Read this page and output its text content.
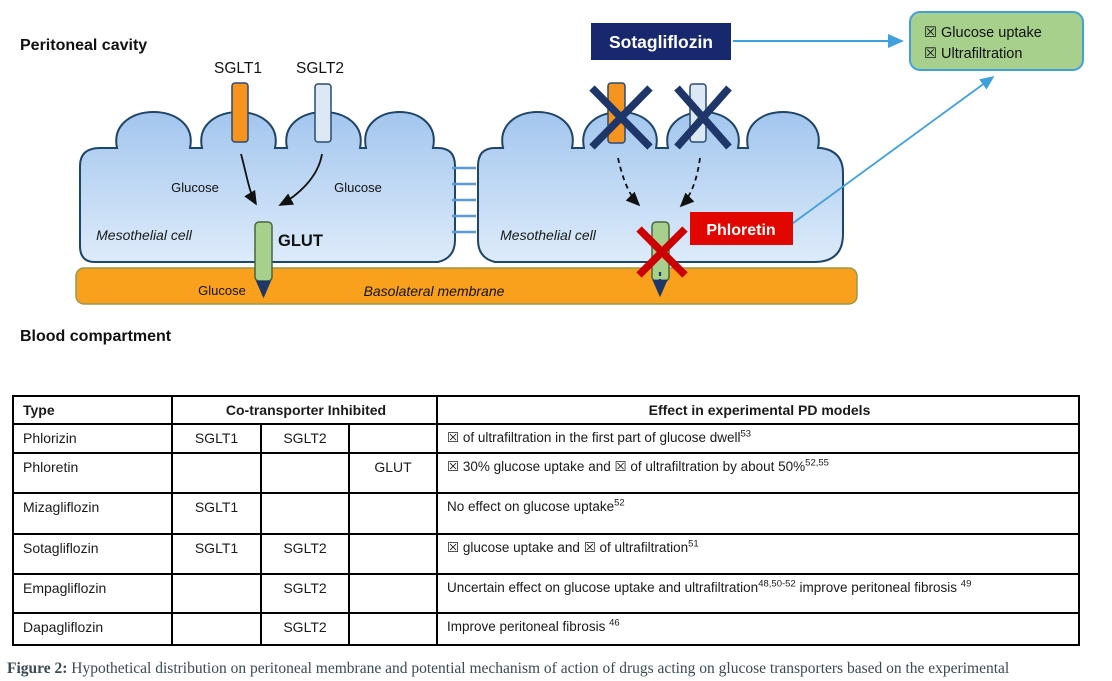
Sotagliflozin	☒ Glucose uptake
☒ Ultrafiltration
Phloretin
Peritoneal cavity
SGLT1 SGLT2
Glucose	Glucose
Mesothelial cell	Mesothelial cell
GLUT
Glucose	Basolateral membrane
Blood compartment
Type	Co-transporter Inhibited			Effect in experimental PD models
Phlorizin	SGLT1	SGLT2		☒ of ultrafiltration in the first part of glucose dwell$^{53}$
Phloretin			GLUT	☒ 30% glucose uptake and ☒ of ultrafiltration by about 50%$^{52,55}$
Mizagliflozin	SGLT1			No effect on glucose uptake$^{52}$
Sotagliflozin	SGLT1	SGLT2		☒ glucose uptake and ☒ of ultrafiltration$^{51}$
Empagliflozin		SGLT2		Uncertain effect on glucose uptake and ultrafiltration$^{48,50-52}$ improve peritoneal fibrosis $^{49}$
Dapagliflozin		SGLT2		Improve peritoneal fibrosis $^{46}$
Figure 2: Hypothetical distribution on peritoneal membrane and potential mechanism of action of drugs acting on glucose transporters based on the experimental
